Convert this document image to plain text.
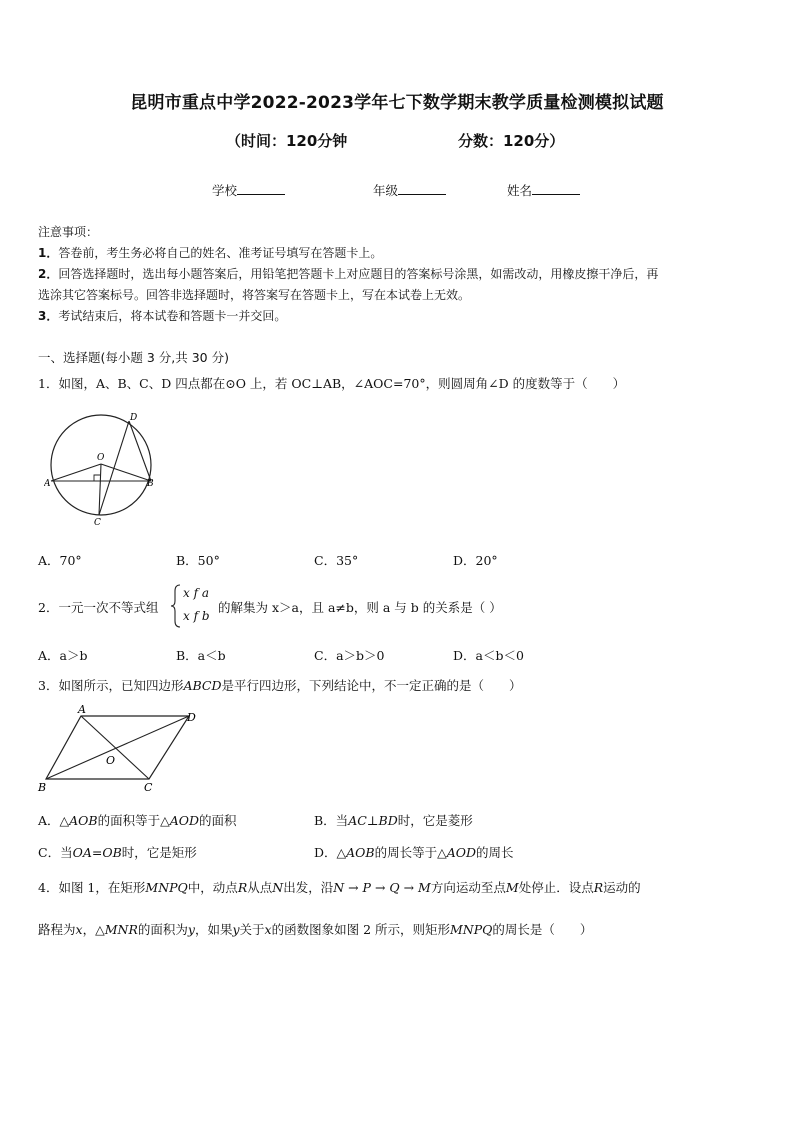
昆明市重点中学2022-2023学年七下数学期末教学质量检测模拟试题
（时间：120分钟	分数：120分）
学校	年级	姓名
注意事项：
1．答卷前，考生务必将自己的姓名、准考证号填写在答题卡上。
2．回答选择题时，选出每小题答案后，用铅笔把答题卡上对应题目的答案标号涂黑，如需改动，用橡皮擦干净后，再
选涂其它答案标号。回答非选择题时，将答案写在答题卡上，写在本试卷上无效。
3．考试结束后，将本试卷和答题卡一并交回。
一、选择题(每小题 3 分,共 30 分)
1．如图，A、B、C、D 四点都在⊙O 上，若 OC⊥AB，∠AOC=70°，则圆周角∠D 的度数等于（　　）
D
O
A	B
C
A．70°	B．50°	C．35°	D．20°
2．一元一次不等式组
x f a
x f b
的解集为 x＞a，且 a≠b，则 a 与 b 的关系是（ ）
A．a＞b	B．a＜b	C．a＞b＞0	D．a＜b＜0
3．如图所示，已知四边形ABCD是平行四边形，下列结论中，不一定正确的是（　　）
A
D
O
B	C
A．△AOB的面积等于△AOD的面积	B．当AC⊥BD时，它是菱形
C．当OA=OB时，它是矩形	D．△AOB的周长等于△AOD的周长
4．如图 1，在矩形MNPQ中，动点R从点N出发，沿N → P → Q → M方向运动至点M处停止．设点R运动的
路程为x，△MNR的面积为y，如果y关于x的函数图象如图 2 所示，则矩形MNPQ的周长是（　　）
